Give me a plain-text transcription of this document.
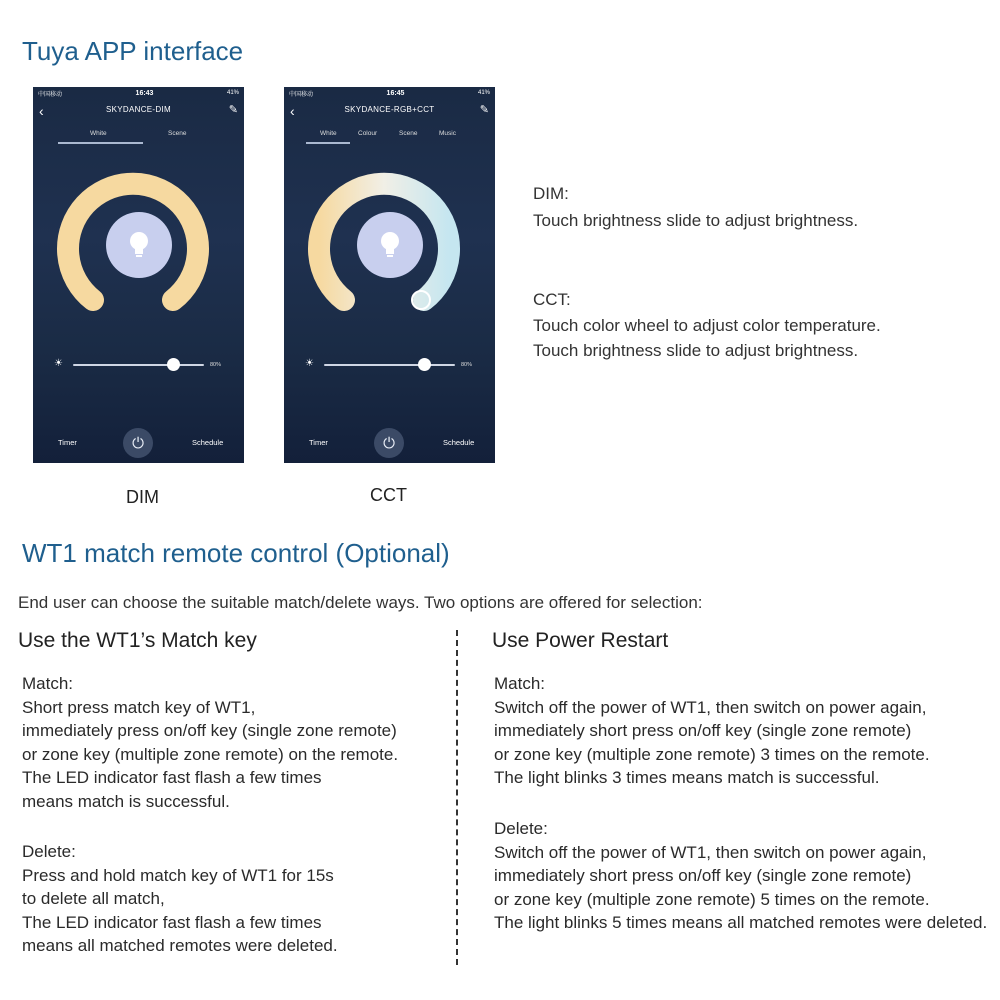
Tuya APP interface
中国移动	16:43	41%
‹	SKYDANCE-DIM	✎
White	Scene
☀	80%
Timer	⏻	Schedule
中国移动	16:45	41%
‹	SKYDANCE-RGB+CCT	✎
White	Colour	Scene	Music
☀	80%
Timer	⏻	Schedule
DIM	CCT
DIM:
Touch brightness slide to adjust brightness.
CCT:
Touch color wheel to adjust color temperature.
Touch brightness slide to adjust brightness.
WT1 match remote control (Optional)
End user can choose the suitable match/delete ways. Two options are offered for selection:
Use the WT1’s Match key	Use Power Restart
Match:
Short press match key of WT1,
immediately press on/off key (single zone remote)
or zone key (multiple zone remote) on the remote.
The LED indicator fast flash a few times
means match is successful.
Delete:
Press and hold match key of WT1 for 15s
to delete all match,
The LED indicator fast flash a few times
means all matched remotes were deleted.
Match:
Switch off the power of WT1, then switch on power again,
immediately short press on/off key (single zone remote)
or zone key (multiple zone remote) 3 times on the remote.
The light blinks 3 times means match is successful.
Delete:
Switch off the power of WT1, then switch on power again,
immediately short press on/off key (single zone remote)
or zone key (multiple zone remote) 5 times on the remote.
The light blinks 5 times means all matched remotes were deleted.
